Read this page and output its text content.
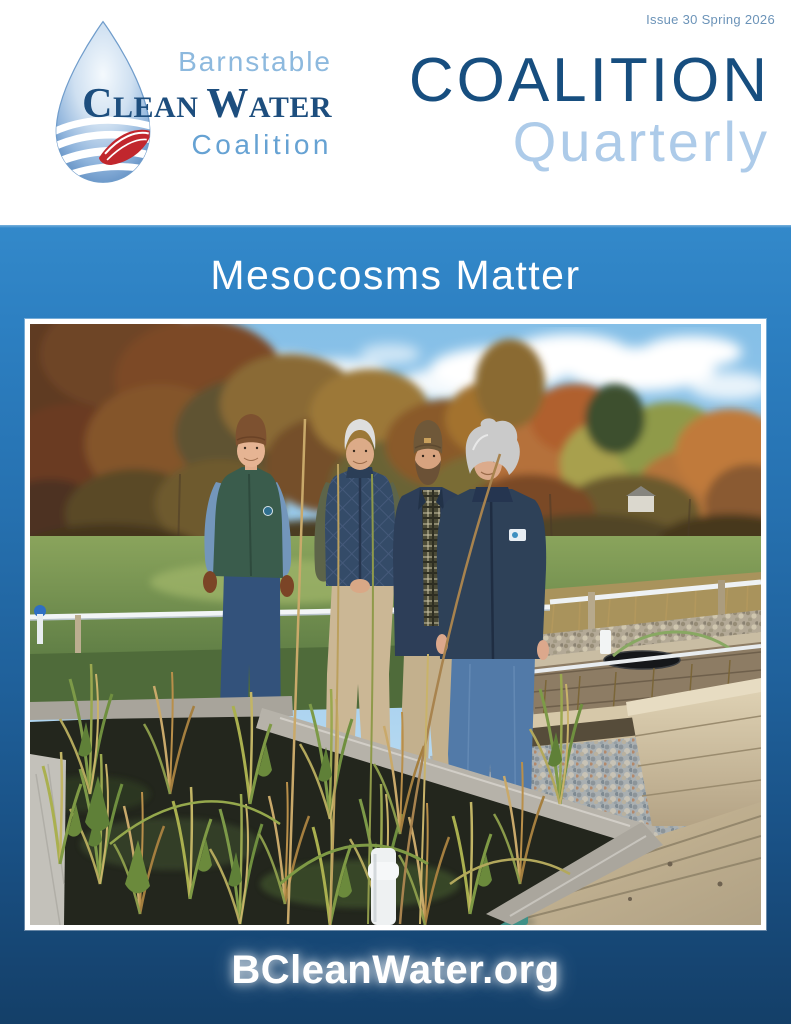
Issue 30 Spring 2026
Barnstable
CLEAN WATER
Coalition
COALITION
Quarterly
Mesocosms Matter
BCleanWater.org
